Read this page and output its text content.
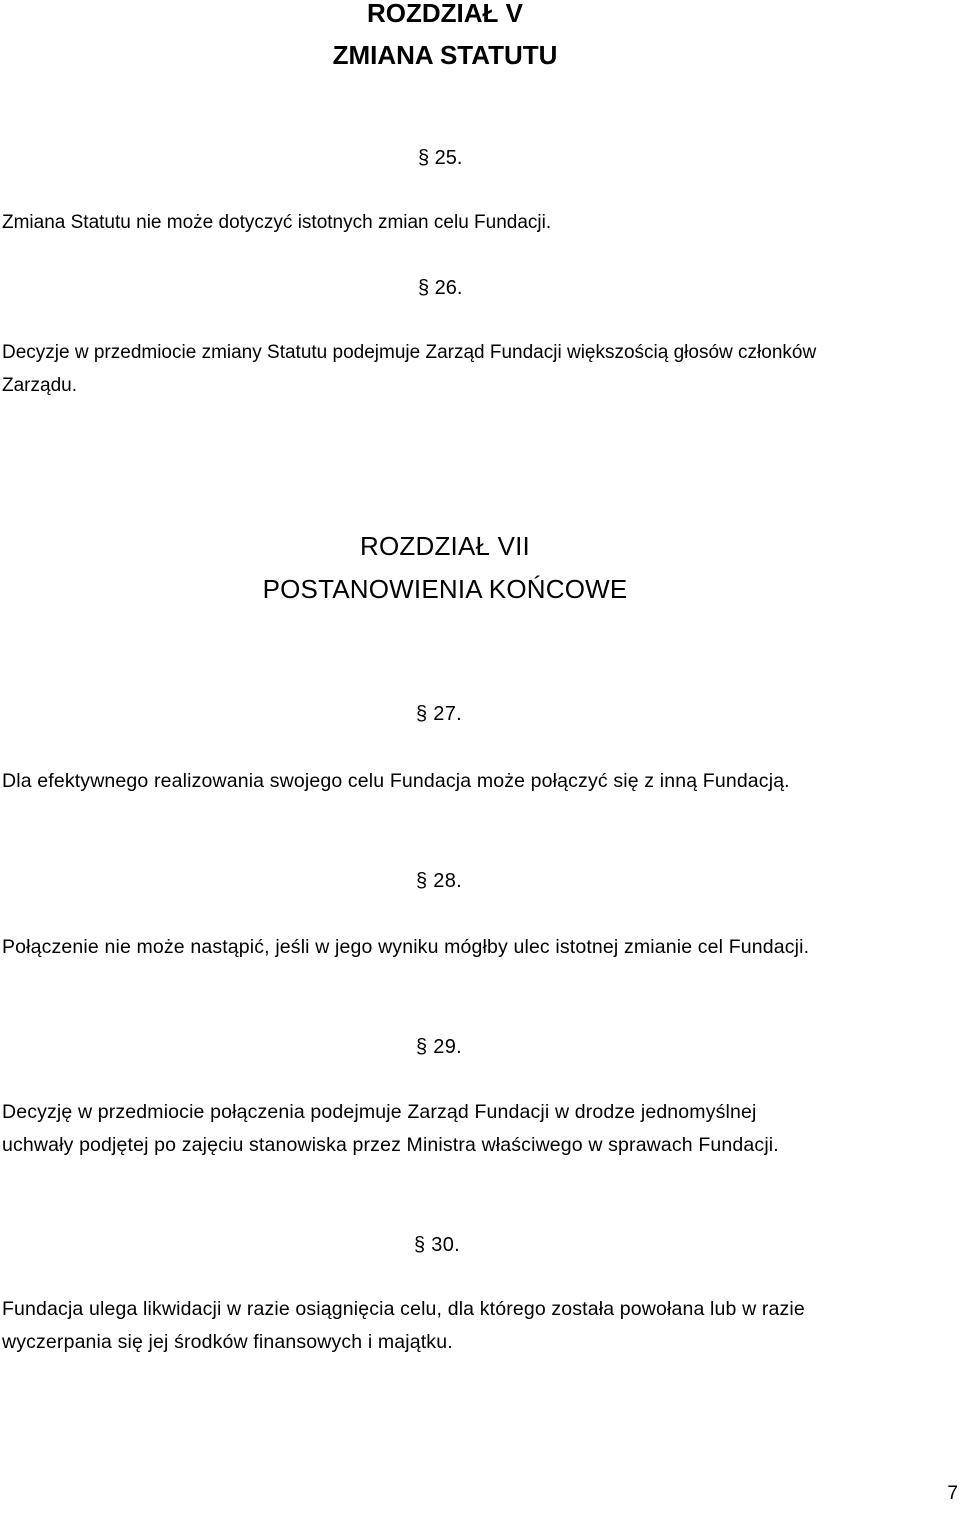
ROZDZIAŁ V
ZMIANA STATUTU
§ 25.
Zmiana Statutu nie może dotyczyć istotnych zmian celu Fundacji.
§ 26.
Decyzje w przedmiocie zmiany Statutu podejmuje Zarząd Fundacji większością głosów członków
Zarządu.
ROZDZIAŁ VII
POSTANOWIENIA KOŃCOWE
§ 27.
Dla efektywnego realizowania swojego celu Fundacja może połączyć się z inną Fundacją.
§ 28.
Połączenie nie może nastąpić, jeśli w jego wyniku mógłby ulec istotnej zmianie cel Fundacji.
§ 29.
Decyzję w przedmiocie połączenia podejmuje Zarząd Fundacji w drodze jednomyślnej
uchwały podjętej po zajęciu stanowiska przez Ministra właściwego w sprawach Fundacji.
§ 30.
Fundacja ulega likwidacji w razie osiągnięcia celu, dla którego została powołana lub w razie
wyczerpania się jej środków finansowych i majątku.
7
